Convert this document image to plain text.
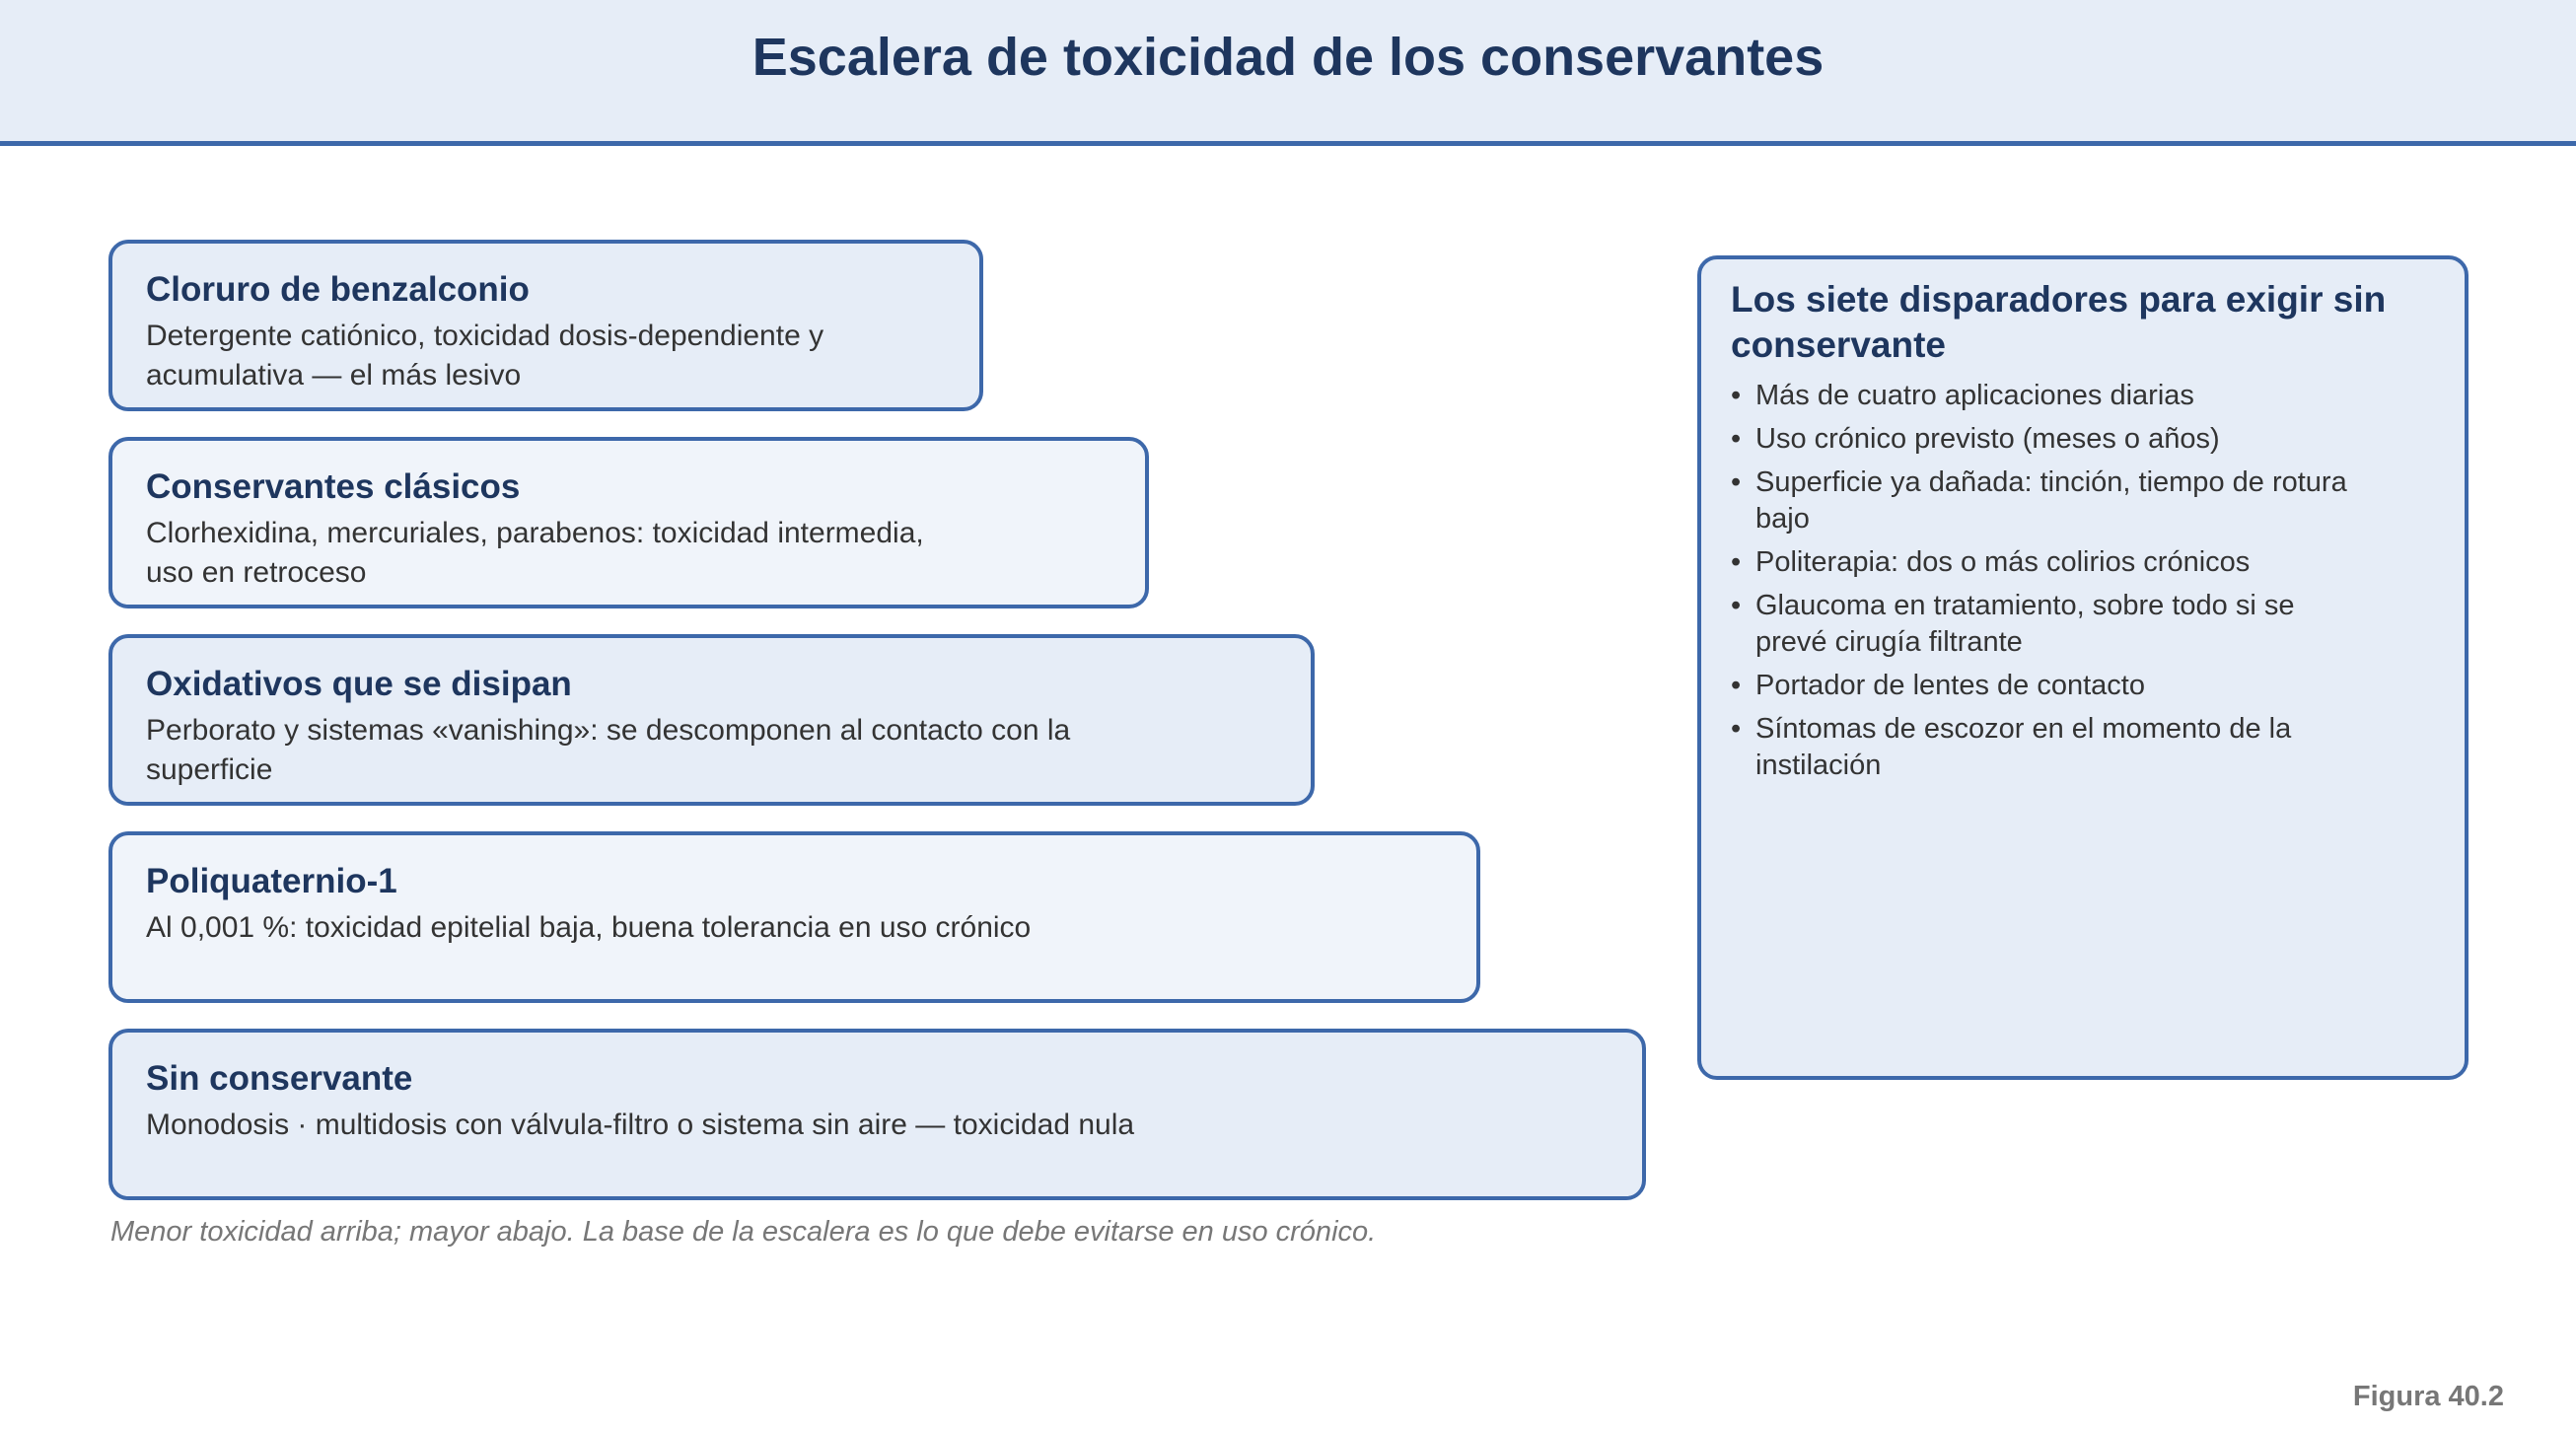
Escalera de toxicidad de los conservantes
Cloruro de benzalconio
Detergente catiónico, toxicidad dosis-dependiente y acumulativa — el más lesivo
Conservantes clásicos
Clorhexidina, mercuriales, parabenos: toxicidad intermedia, uso en retroceso
Oxidativos que se disipan
Perborato y sistemas «vanishing»: se descomponen al contacto con la superficie
Poliquaternio-1
Al 0,001 %: toxicidad epitelial baja, buena tolerancia en uso crónico
Sin conservante
Monodosis · multidosis con válvula-filtro o sistema sin aire — toxicidad nula
Menor toxicidad arriba; mayor abajo. La base de la escalera es lo que debe evitarse en uso crónico.
Los siete disparadores para exigir sin conservante
• Más de cuatro aplicaciones diarias
• Uso crónico previsto (meses o años)
• Superficie ya dañada: tinción, tiempo de rotura bajo
• Politerapia: dos o más colirios crónicos
• Glaucoma en tratamiento, sobre todo si se prevé cirugía filtrante
• Portador de lentes de contacto
• Síntomas de escozor en el momento de la instilación
Figura 40.2
